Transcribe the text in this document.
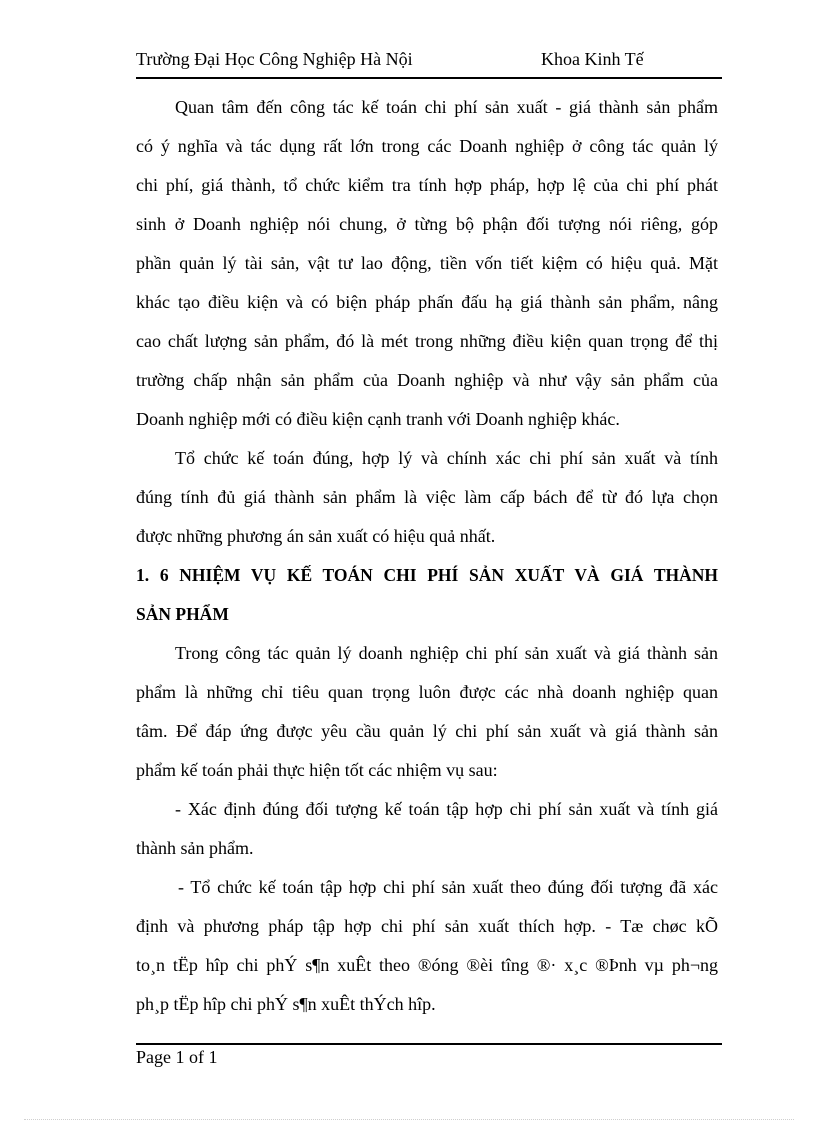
Trường Đại Học Công Nghiệp Hà Nội	Khoa Kinh Tế
Quan tâm đến công tác kế toán chi phí sản xuất - giá thành sản phẩm
có ý nghĩa và tác dụng rất lớn trong các Doanh nghiệp ở công tác quản lý
chi phí, giá thành, tổ chức kiểm tra tính hợp pháp, hợp lệ của chi phí phát
sinh ở Doanh nghiệp nói chung, ở từng bộ phận đối tượng nói riêng, góp
phần quản lý tài sản, vật tư lao động, tiền vốn tiết kiệm có hiệu quả. Mặt
khác tạo điều kiện và có biện pháp phấn đấu hạ giá thành sản phẩm, nâng
cao chất lượng sản phẩm, đó là mét trong những điều kiện quan trọng để thị
trường chấp nhận sản phẩm của Doanh nghiệp và như vậy sản phẩm của
Doanh nghiệp mới có điều kiện cạnh tranh với Doanh nghiệp khác.
Tổ chức kế toán đúng, hợp lý và chính xác chi phí sản xuất và tính
đúng tính đủ giá thành sản phẩm là việc làm cấp bách để từ đó lựa chọn
được những phương án sản xuất có hiệu quả nhất.
1. 6 NHIỆM VỤ KẾ TOÁN CHI PHÍ SẢN XUẤT VÀ GIÁ THÀNH
SẢN PHẨM
Trong công tác quản lý doanh nghiệp chi phí sản xuất và giá thành sản
phẩm là những chỉ tiêu quan trọng luôn được các nhà doanh nghiệp quan
tâm. Để đáp ứng được yêu cầu quản lý chi phí sản xuất và giá thành sản
phẩm kế toán phải thực hiện tốt các nhiệm vụ sau:
- Xác định đúng đối tượng kế toán tập hợp chi phí sản xuất và tính giá
thành sản phẩm.
- Tổ chức kế toán tập hợp chi phí sản xuất theo đúng đối tượng đã xác
định và phương pháp tập hợp chi phí sản xuất thích hợp. - Tæ chøc kÕ
to¸n tËp hîp chi phÝ s¶n xuÊt theo ®óng ®èi tîng ®· x¸c ®Þnh vµ ph¬ng
ph¸p tËp hîp chi phÝ s¶n xuÊt thÝch hîp.
Page 1 of 1
